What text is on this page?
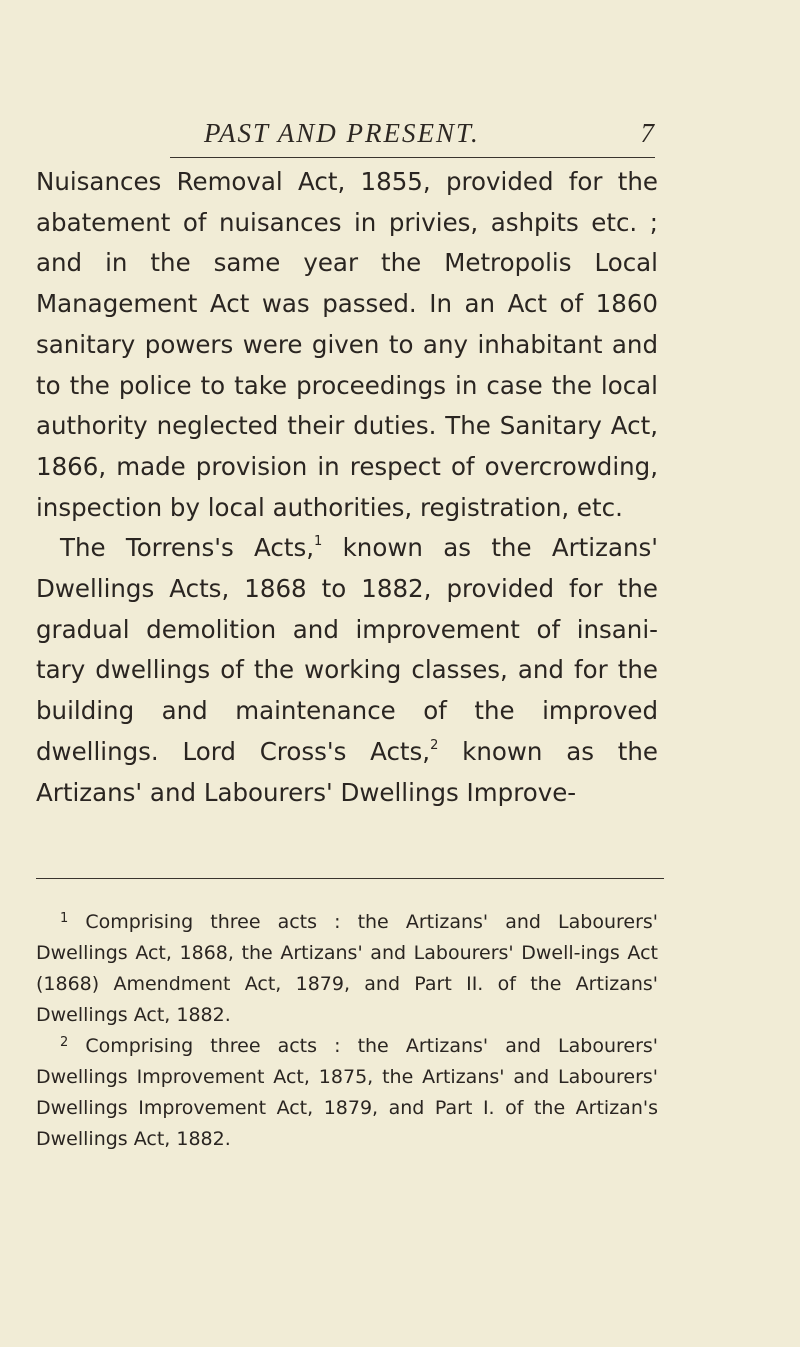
PAST AND PRESENT.	7

Nuisances Removal Act, 1855, provided for the abatement of nuisances in privies, ashpits etc. ; and in the same year the Metropolis Local Management Act was passed. In an Act of 1860 sanitary powers were given to any inhabitant and to the police to take proceedings in case the local authority neglected their duties. The Sanitary Act, 1866, made provision in respect of overcrowding, inspection by local authorities, registration, etc.

The Torrens's Acts,$^1$ known as the Artizans' Dwellings Acts, 1868 to 1882, provided for the gradual demolition and improvement of insani-tary dwellings of the working classes, and for the building and maintenance of the improved dwellings. Lord Cross's Acts,$^2$ known as the Artizans' and Labourers' Dwellings Improve-

$^1$ Comprising three acts : the Artizans' and Labourers' Dwellings Act, 1868, the Artizans' and Labourers' Dwell-ings Act (1868) Amendment Act, 1879, and Part II. of the Artizans' Dwellings Act, 1882.

$^2$ Comprising three acts : the Artizans' and Labourers' Dwellings Improvement Act, 1875, the Artizans' and Labourers' Dwellings Improvement Act, 1879, and Part I. of the Artizan's Dwellings Act, 1882.
